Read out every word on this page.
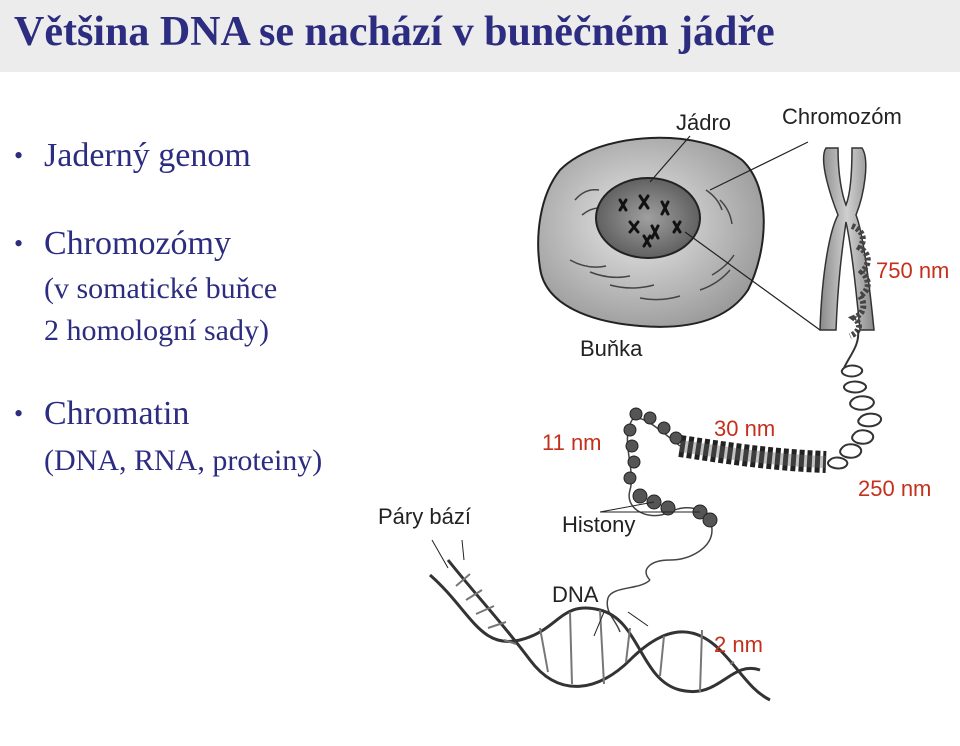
Většina DNA se nachází v buněčném jádře
• Jaderný genom
• Chromozómy
(v somatické buňce
2 homologní sady)
• Chromatin
(DNA, RNA, proteiny)
Jádro Chromozóm
750 nm
Buňka
11 nm
30 nm
250 nm
Páry bází	Histony
DNA
2 nm
